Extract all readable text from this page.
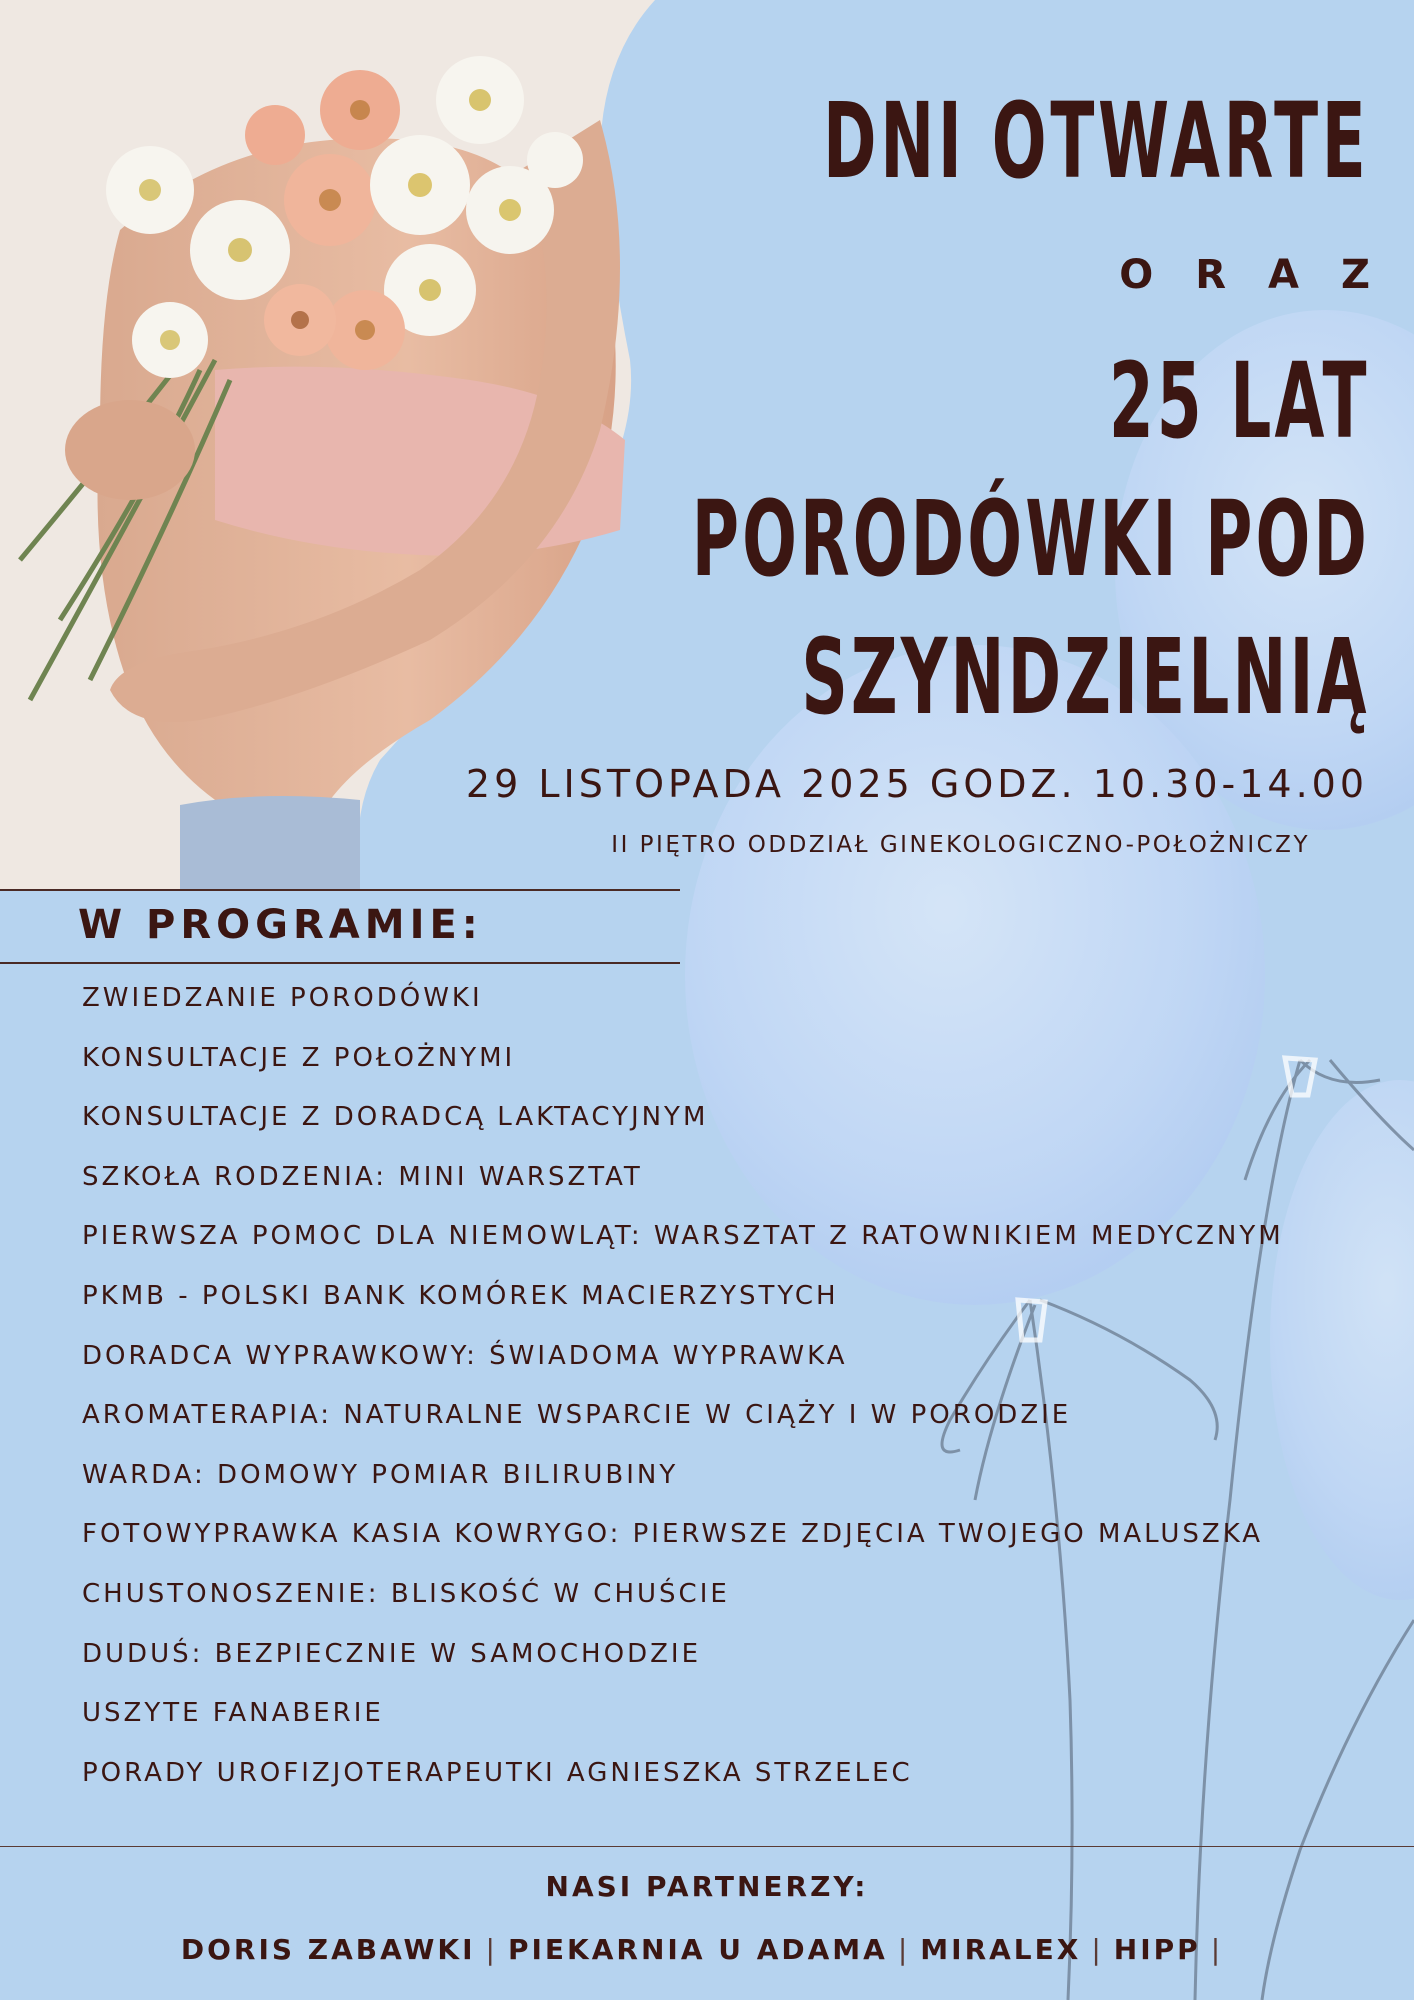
DNI OTWARTE
ORAZ
25 LAT
PORODÓWKI POD
SZYNDZIELNIĄ
29 LISTOPADA 2025 GODZ. 10.30-14.00
II PIĘTRO ODDZIAŁ GINEKOLOGICZNO-POŁOŻNICZY
W PROGRAMIE:
ZWIEDZANIE PORODÓWKI
KONSULTACJE Z POŁOŻNYMI
KONSULTACJE Z DORADCĄ LAKTACYJNYM
SZKOŁA RODZENIA: MINI WARSZTAT
PIERWSZA POMOC DLA NIEMOWLĄT: WARSZTAT Z RATOWNIKIEM MEDYCZNYM
PKMB - POLSKI BANK KOMÓREK MACIERZYSTYCH
DORADCA WYPRAWKOWY: ŚWIADOMA WYPRAWKA
AROMATERAPIA: NATURALNE WSPARCIE W CIĄŻY I W PORODZIE
WARDA: DOMOWY POMIAR BILIRUBINY
FOTOWYPRAWKA KASIA KOWRYGO: PIERWSZE ZDJĘCIA TWOJEGO MALUSZKA
CHUSTONOSZENIE: BLISKOŚĆ W CHUŚCIE
DUDUŚ: BEZPIECZNIE W SAMOCHODZIE
USZYTE FANABERIE
PORADY UROFIZJOTERAPEUTKI AGNIESZKA STRZELEC
NASI PARTNERZY:
DORIS ZABAWKI | PIEKARNIA U ADAMA | MIRALEX | HIPP |
